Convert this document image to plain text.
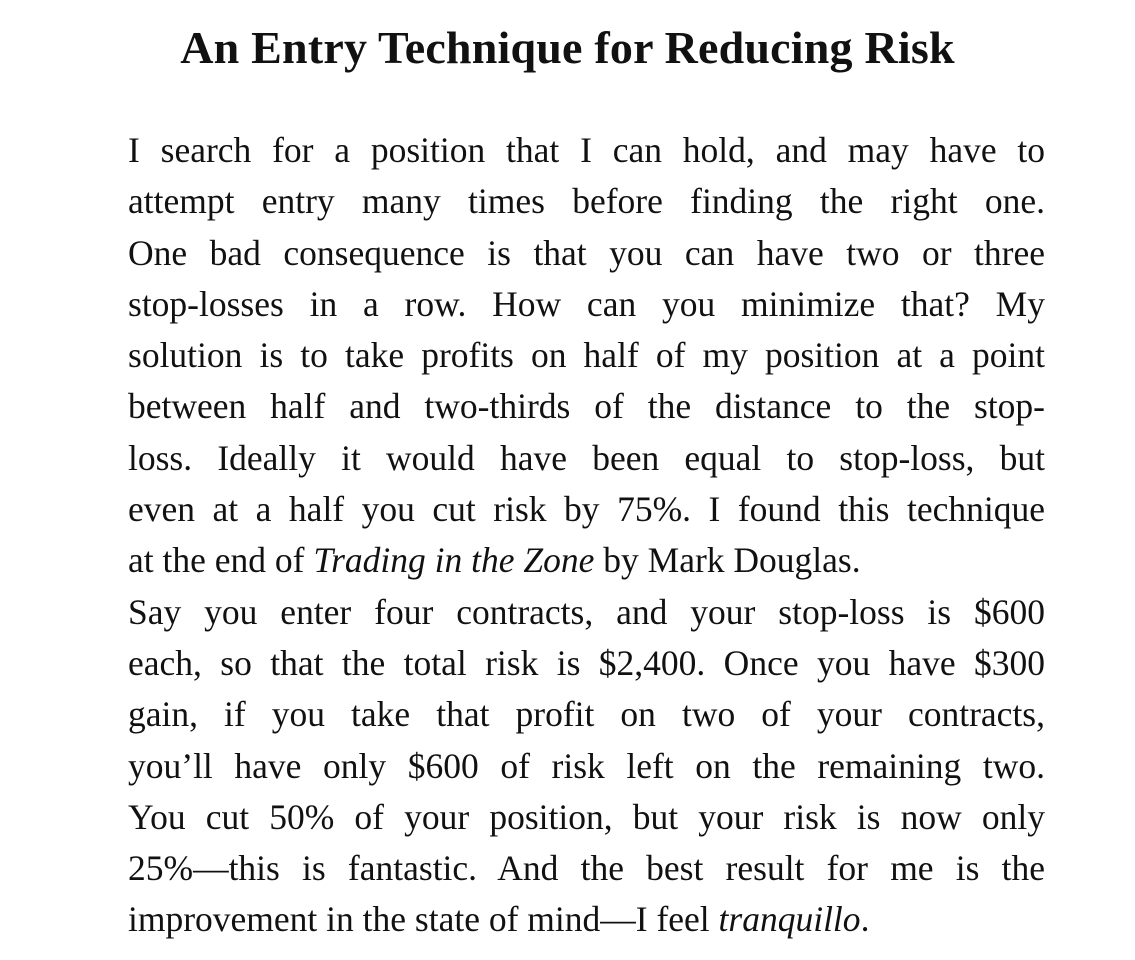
An Entry Technique for Reducing Risk
I search for a position that I can hold, and may have to
attempt entry many times before finding the right one.
One bad consequence is that you can have two or three
stop-losses in a row. How can you minimize that? My
solution is to take profits on half of my position at a point
between half and two-thirds of the distance to the stop-
loss. Ideally it would have been equal to stop-loss, but
even at a half you cut risk by 75%. I found this technique
at the end of Trading in the Zone by Mark Douglas.
Say you enter four contracts, and your stop-loss is $600
each, so that the total risk is $2,400. Once you have $300
gain, if you take that profit on two of your contracts,
you’ll have only $600 of risk left on the remaining two.
You cut 50% of your position, but your risk is now only
25%—this is fantastic. And the best result for me is the
improvement in the state of mind—I feel tranquillo.
